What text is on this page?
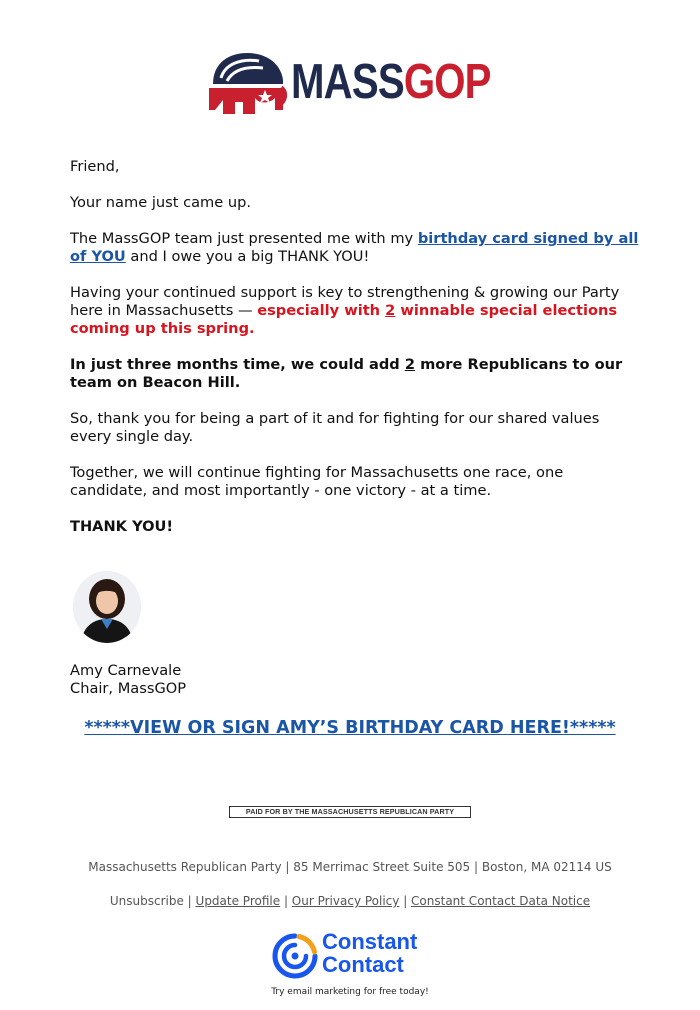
MASSGOP

Friend,

Your name just came up.

The MassGOP team just presented me with my birthday card signed by all of YOU and I owe you a big THANK YOU!

Having your continued support is key to strengthening & growing our Party here in Massachusetts — especially with 2 winnable special elections coming up this spring.

In just three months time, we could add 2 more Republicans to our team on Beacon Hill.

So, thank you for being a part of it and for fighting for our shared values every single day.

Together, we will continue fighting for Massachusetts one race, one candidate, and most importantly - one victory - at a time.

THANK YOU!

Amy Carnevale
Chair, MassGOP
*****VIEW OR SIGN AMY’S BIRTHDAY CARD HERE!*****
PAID FOR BY THE MASSACHUSETTS REPUBLICAN PARTY
Massachusetts Republican Party | 85 Merrimac Street Suite 505 | Boston, MA 02114 US
Unsubscribe | Update Profile | Our Privacy Policy | Constant Contact Data Notice
Constant
Contact
Try email marketing for free today!
